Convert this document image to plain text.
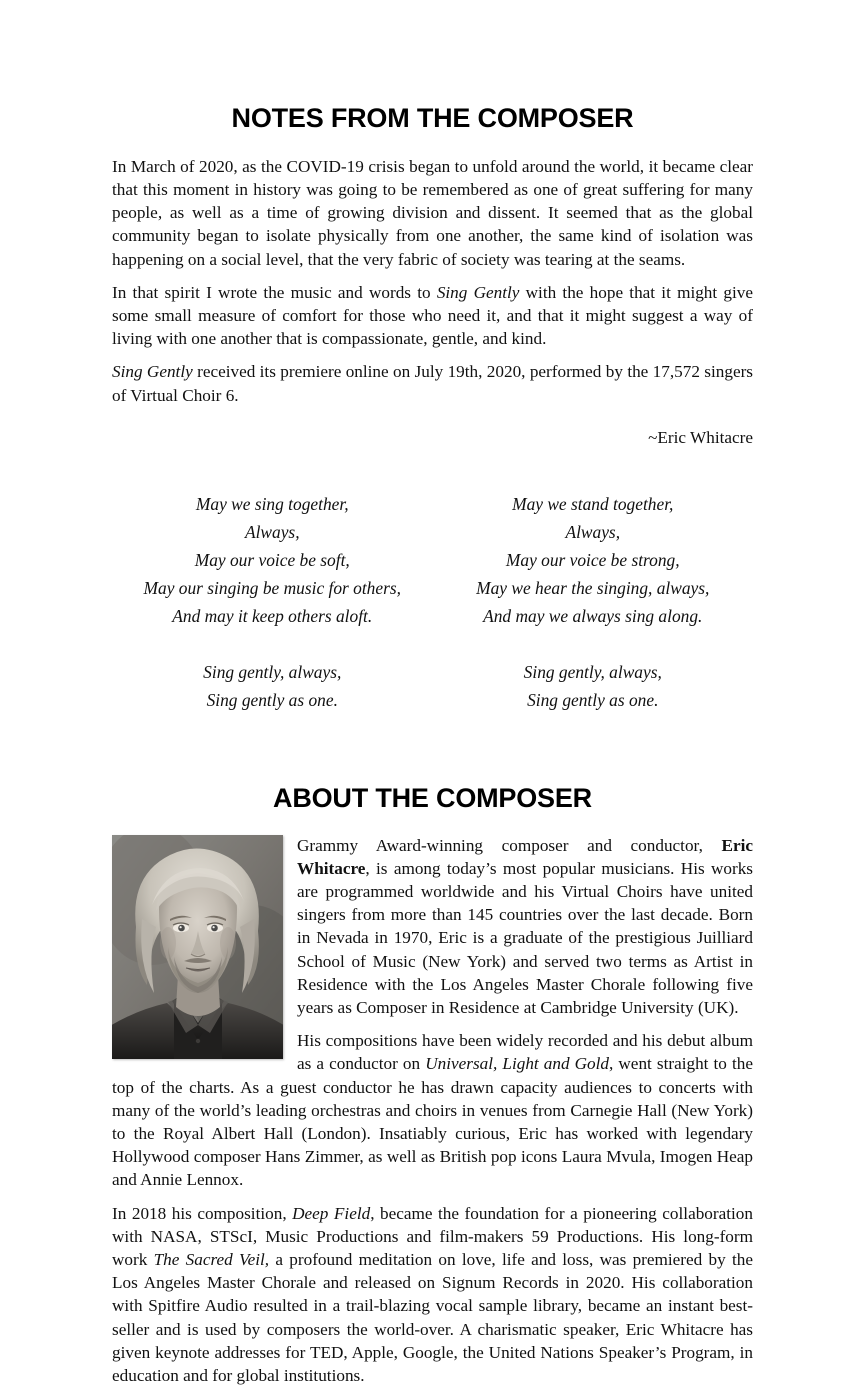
NOTES FROM THE COMPOSER

In March of 2020, as the COVID-19 crisis began to unfold around the world, it became clear that this moment in history was going to be remembered as one of great suffering for many people, as well as a time of growing division and dissent. It seemed that as the global community began to isolate physically from one another, the same kind of isolation was happening on a social level, that the very fabric of society was tearing at the seams.

In that spirit I wrote the music and words to Sing Gently with the hope that it might give some small measure of comfort for those who need it, and that it might suggest a way of living with one another that is compassionate, gentle, and kind.

Sing Gently received its premiere online on July 19th, 2020, performed by the 17,572 singers of Virtual Choir 6.

~Eric Whitacre

May we sing together,
Always,
May our voice be soft,
May our singing be music for others,
And may it keep others aloft.
Sing gently, always,
Sing gently as one.
May we stand together,
Always,
May our voice be strong,
May we hear the singing, always,
And may we always sing along.
Sing gently, always,
Sing gently as one.
ABOUT THE COMPOSER

Grammy Award-winning composer and conductor, Eric Whitacre, is among today’s most popular musicians. His works are programmed worldwide and his Virtual Choirs have united singers from more than 145 countries over the last decade. Born in Nevada in 1970, Eric is a graduate of the prestigious Juilliard School of Music (New York) and served two terms as Artist in Residence with the Los Angeles Master Chorale following five years as Composer in Residence at Cambridge University (UK).

His compositions have been widely recorded and his debut album as a conductor on Universal, Light and Gold, went straight to the top of the charts. As a guest conductor he has drawn capacity audiences to concerts with many of the world’s leading orchestras and choirs in venues from Carnegie Hall (New York) to the Royal Albert Hall (London). Insatiably curious, Eric has worked with legendary Hollywood composer Hans Zimmer, as well as British pop icons Laura Mvula, Imogen Heap and Annie Lennox.

In 2018 his composition, Deep Field, became the foundation for a pioneering collaboration with NASA, STScI, Music Productions and film-makers 59 Productions. His long-form work The Sacred Veil, a profound meditation on love, life and loss, was premiered by the Los Angeles Master Chorale and released on Signum Records in 2020. His collaboration with Spitfire Audio resulted in a trail-blazing vocal sample library, became an instant best-seller and is used by composers the world-over. A charismatic speaker, Eric Whitacre has given keynote addresses for TED, Apple, Google, the United Nations Speaker’s Program, in education and for global institutions.
